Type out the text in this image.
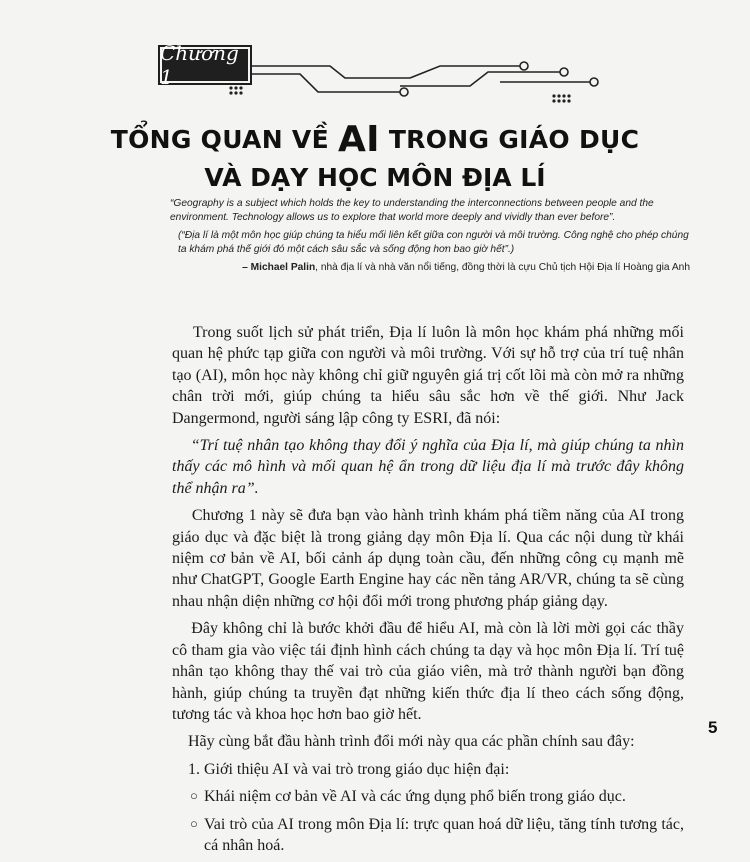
Chương 1
TỔNG QUAN VỀ AI TRONG GIÁO DỤC
VÀ DẠY HỌC MÔN ĐỊA LÍ

“Geography is a subject which holds the key to understanding the interconnections between people and the environment. Technology allows us to explore that world more deeply and vividly than ever before”.

(“Địa lí là một môn học giúp chúng ta hiểu mối liên kết giữa con người và môi trường. Công nghệ cho phép chúng ta khám phá thế giới đó một cách sâu sắc và sống động hơn bao giờ hết”.)

– Michael Palin, nhà địa lí và nhà văn nổi tiếng, đồng thời là cựu Chủ tịch Hội Địa lí Hoàng gia Anh

Trong suốt lịch sử phát triển, Địa lí luôn là môn học khám phá những mối quan hệ phức tạp giữa con người và môi trường. Với sự hỗ trợ của trí tuệ nhân tạo (AI), môn học này không chỉ giữ nguyên giá trị cốt lõi mà còn mở ra những chân trời mới, giúp chúng ta hiểu sâu sắc hơn về thế giới. Như Jack Dangermond, người sáng lập công ty ESRI, đã nói:

“Trí tuệ nhân tạo không thay đổi ý nghĩa của Địa lí, mà giúp chúng ta nhìn thấy các mô hình và mối quan hệ ẩn trong dữ liệu địa lí mà trước đây không thể nhận ra”.

Chương 1 này sẽ đưa bạn vào hành trình khám phá tiềm năng của AI trong giáo dục và đặc biệt là trong giảng dạy môn Địa lí. Qua các nội dung từ khái niệm cơ bản về AI, bối cảnh áp dụng toàn cầu, đến những công cụ mạnh mẽ như ChatGPT, Google Earth Engine hay các nền tảng AR/VR, chúng ta sẽ cùng nhau nhận diện những cơ hội đổi mới trong phương pháp giảng dạy.

Đây không chỉ là bước khởi đầu để hiểu AI, mà còn là lời mời gọi các thầy cô tham gia vào việc tái định hình cách chúng ta dạy và học môn Địa lí. Trí tuệ nhân tạo không thay thế vai trò của giáo viên, mà trở thành người bạn đồng hành, giúp chúng ta truyền đạt những kiến thức địa lí theo cách sống động, tương tác và khoa học hơn bao giờ hết.

Hãy cùng bắt đầu hành trình đổi mới này qua các phần chính sau đây:

1. Giới thiệu AI và vai trò trong giáo dục hiện đại:

○ Khái niệm cơ bản về AI và các ứng dụng phổ biến trong giáo dục.

○ Vai trò của AI trong môn Địa lí: trực quan hoá dữ liệu, tăng tính tương tác, cá nhân hoá.

5
